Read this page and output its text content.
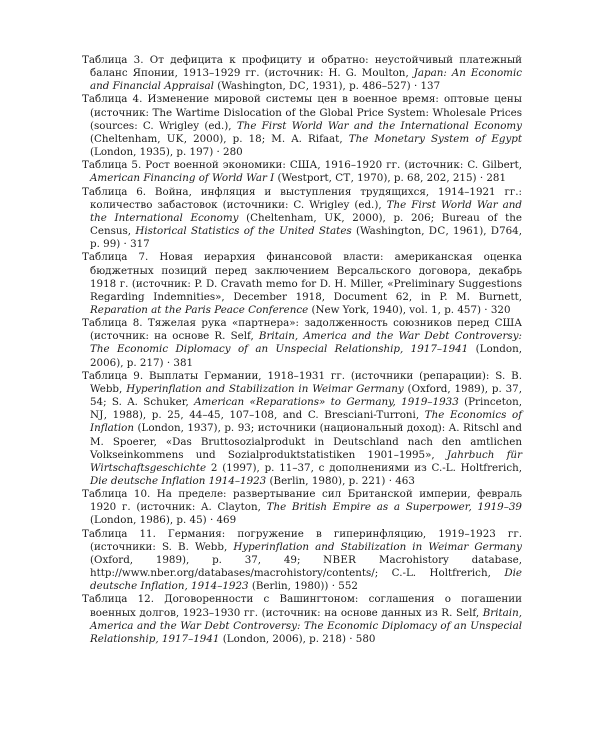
Таблица 3. От дефицита к профициту и обратно: неустойчивый платежный баланс Японии, 1913–1929 гг. (источник: H. G. Moulton, Japan: An Economic and Financial Appraisal (Washington, DC, 1931), p. 486–527) · 137

Таблица 4. Изменение мировой системы цен в военное время: оптовые цены (источник: The Wartime Dislocation of the Global Price System: Wholesale Prices (sources: C. Wrigley (ed.), The First World War and the International Economy (Cheltenham, UK, 2000), p. 18; M. A. Rifaat, The Monetary System of Egypt (London, 1935), p. 197) · 280

Таблица 5. Рост военной экономики: США, 1916–1920 гг. (источник: C. Gilbert, American Financing of World War I (Westport, CT, 1970), p. 68, 202, 215) · 281

Таблица 6. Война, инфляция и выступления трудящихся, 1914–1921 гг.: количество забастовок (источники: C. Wrigley (ed.), The First World War and the International Economy (Cheltenham, UK, 2000), p. 206; Bureau of the Census, Historical Statistics of the United States (Washington, DC, 1961), D764, p. 99) · 317

Таблица 7. Новая иерархия финансовой власти: американская оценка бюджетных позиций перед заключением Версальского договора, декабрь 1918 г. (источник: P. D. Cravath memo for D. H. Miller, «Preliminary Suggestions Regarding Indemnities», December 1918, Document 62, in P. M. Burnett, Reparation at the Paris Peace Conference (New York, 1940), vol. 1, p. 457) · 320

Таблица 8. Тяжелая рука «партнера»: задолженность союзников перед США (источник: на основе R. Self, Britain, America and the War Debt Controversy: The Economic Diplomacy of an Unspecial Relationship, 1917–1941 (London, 2006), p. 217) · 381

Таблица 9. Выплаты Германии, 1918–1931 гг. (источники (репарации): S. B. Webb, Hyperinflation and Stabilization in Weimar Germany (Oxford, 1989), p. 37, 54; S. A. Schuker, American «Reparations» to Germany, 1919–1933 (Princeton, NJ, 1988), p. 25, 44–45, 107–108, and C. Bresciani-Turroni, The Economics of Inflation (London, 1937), p. 93; источники (национальный доход): A. Ritschl and M. Spoerer, «Das Bruttosozialprodukt in Deutschland nach den amtlichen Volkseinkommens und Sozialproduktstatistiken 1901–1995», Jahrbuch für Wirtschaftsgeschichte 2 (1997), p. 11–37, с дополнениями из C.-L. Holtfrerich, Die deutsche Inflation 1914–1923 (Berlin, 1980), p. 221) · 463

Таблица 10. На пределе: развертывание сил Британской империи, февраль 1920 г. (источник: A. Clayton, The British Empire as a Superpower, 1919–39 (London, 1986), p. 45) · 469

Таблица 11. Германия: погружение в гиперинфляцию, 1919–1923 гг. (источники: S. B. Webb, Hyperinflation and Stabilization in Weimar Germany (Oxford, 1989), p. 37, 49; NBER Macrohistory database, http://www.nber.org/databases/macrohistory/contents/; C.-L. Holtfrerich, Die deutsche Inflation, 1914–1923 (Berlin, 1980)) · 552

Таблица 12. Договоренности с Вашингтоном: соглашения о погашении военных долгов, 1923–1930 гг. (источник: на основе данных из R. Self, Britain, America and the War Debt Controversy: The Economic Diplomacy of an Unspecial Relationship, 1917–1941 (London, 2006), p. 218) · 580
